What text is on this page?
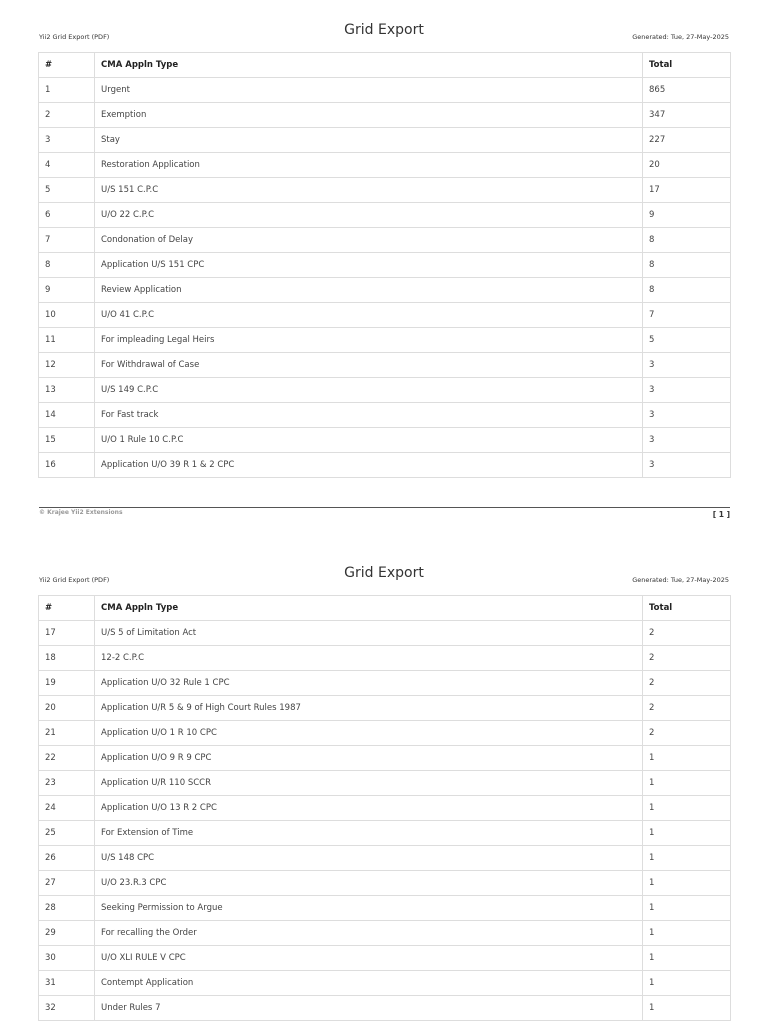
Yii2 Grid Export (PDF)	Grid Export	Generated: Tue, 27-May-2025
#	CMA Appln Type	Total
1	Urgent	865
2	Exemption	347
3	Stay	227
4	Restoration Application	20
5	U/S 151 C.P.C	17
6	U/O 22 C.P.C	9
7	Condonation of Delay	8
8	Application U/S 151 CPC	8
9	Review Application	8
10	U/O 41 C.P.C	7
11	For impleading Legal Heirs	5
12	For Withdrawal of Case	3
13	U/S 149 C.P.C	3
14	For Fast track	3
15	U/O 1 Rule 10 C.P.C	3
16	Application U/O 39 R 1 & 2 CPC	3
© Krajee Yii2 Extensions	[ 1 ]
Yii2 Grid Export (PDF)	Grid Export	Generated: Tue, 27-May-2025
#	CMA Appln Type	Total
17	U/S 5 of Limitation Act	2
18	12-2 C.P.C	2
19	Application U/O 32 Rule 1 CPC	2
20	Application U/R 5 & 9 of High Court Rules 1987	2
21	Application U/O 1 R 10 CPC	2
22	Application U/O 9 R 9 CPC	1
23	Application U/R 110 SCCR	1
24	Application U/O 13 R 2 CPC	1
25	For Extension of Time	1
26	U/S 148 CPC	1
27	U/O 23.R.3 CPC	1
28	Seeking Permission to Argue	1
29	For recalling the Order	1
30	U/O XLI RULE V CPC	1
31	Contempt Application	1
32	Under Rules 7	1
